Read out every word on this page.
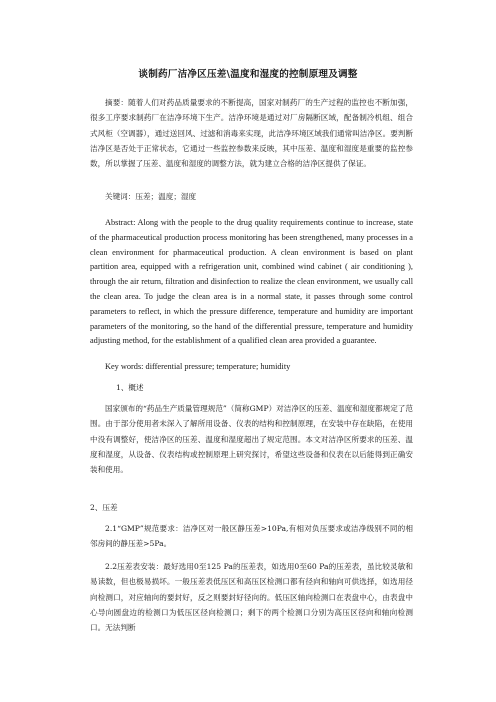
谈制药厂洁净区压差\温度和湿度的控制原理及调整

摘要：随着人们对药品质量要求的不断提高，国家对制药厂的生产过程的监控也不断加强，很多工序要求制药厂在洁净环境下生产。洁净环境是通过对厂房隔断区域，配备制冷机组、组合式风柜（空调器），通过送回风、过滤和消毒来实现，此洁净环境区域我们通常叫洁净区。要判断洁净区是否处于正常状态，它通过一些监控参数来反映，其中压差、温度和湿度是重要的监控参数，所以掌握了压差、温度和湿度的调整方法，就为建立合格的洁净区提供了保证。

关键词：压差；温度；湿度

Abstract: Along with the people to the drug quality requirements continue to increase, state of the pharmaceutical production process monitoring has been strengthened, many processes in a clean environment for pharmaceutical production. A clean environment is based on plant partition area, equipped with a refrigeration unit, combined wind cabinet ( air conditioning ), through the air return, filtration and disinfection to realize the clean environment, we usually call the clean area. To judge the clean area is in a normal state, it passes through some control parameters to reflect, in which the pressure difference, temperature and humidity are important parameters of the monitoring, so the hand of the differential pressure, temperature and humidity adjusting method, for the establishment of a qualified clean area provided a guarantee.

Key words: differential pressure; temperature; humidity

1、概述

国家颁布的“药品生产质量管理规范”（简称GMP）对洁净区的压差、温度和湿度都规定了范围。由于部分使用者未深入了解所用设备、仪表的结构和控制原理，在安装中存在缺陷，在使用中没有调整好，使洁净区的压差、温度和湿度超出了规定范围。本文对洁净区所要求的压差、温度和湿度，从设备、仪表结构或控制原理上研究探讨，希望这些设备和仪表在以后能得到正确安装和使用。

2、压差

2.1“GMP”规范要求：洁净区对一般区静压差>10Pa,有相对负压要求或洁净级别不同的相邻房间的静压差>5Pa。

2.2压差表安装：最好选用0至125 Pa的压差表，如选用0至60 Pa的压差表，虽比较灵敏和易读数，但也极易损坏。一般压差表低压区和高压区检测口都有径向和轴向可供选择，如选用径向检测口，对应轴向的要封好，反之则要封好径向的。低压区轴向检测口在表盘中心，由表盘中心导向圆盘边的检测口为低压区径向检测口；剩下的两个检测口分别为高压区径向和轴向检测口。无法判断
